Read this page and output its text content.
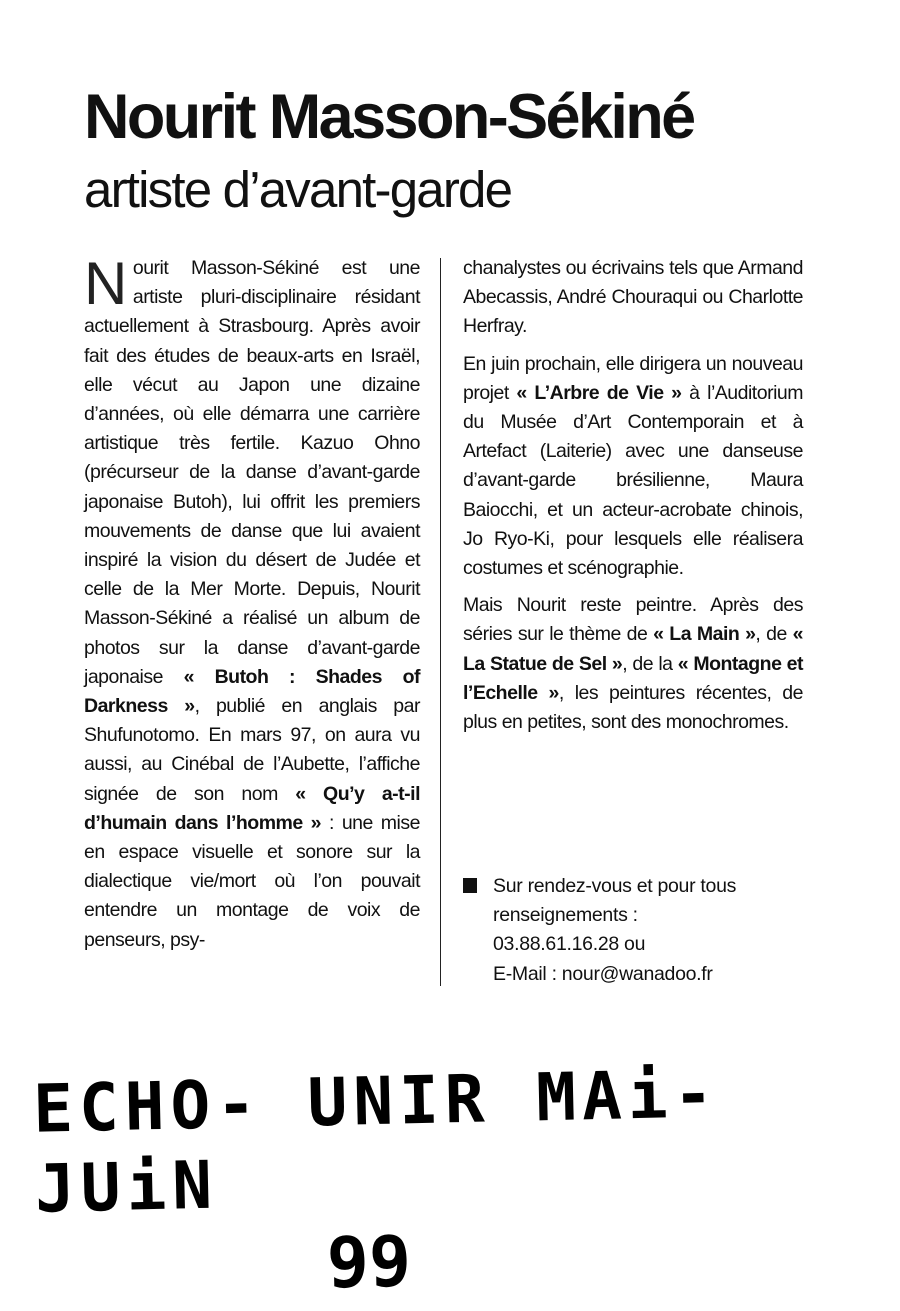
Nourit Masson-Sékiné
artiste d’avant-garde

Nourit Masson-Sékiné est une artiste pluri-disciplinaire résidant actuellement à Strasbourg. Après avoir fait des études de beaux-arts en Israël, elle vécut au Japon une dizaine d’années, où elle démarra une carrière artistique très fertile. Kazuo Ohno (précurseur de la danse d’avant-garde japonaise Butoh), lui offrit les premiers mouvements de danse que lui avaient inspiré la vision du désert de Judée et celle de la Mer Morte. Depuis, Nourit Masson-Sékiné a réalisé un album de photos sur la danse d’avant-garde japonaise « Butoh : Shades of Darkness », publié en anglais par Shufunotomo. En mars 97, on aura vu aussi, au Cinébal de l’Aubette, l’affiche signée de son nom « Qu’y a-t-il d’humain dans l’homme » : une mise en espace visuelle et sonore sur la dialectique vie/mort où l’on pouvait entendre un montage de voix de penseurs, psy-

chanalystes ou écrivains tels que Armand Abecassis, André Chouraqui ou Charlotte Herfray.

En juin prochain, elle dirigera un nouveau projet « L’Arbre de Vie » à l’Auditorium du Musée d’Art Contemporain et à Artefact (Laiterie) avec une danseuse d’avant-garde brésilienne, Maura Baiocchi, et un acteur-acrobate chinois, Jo Ryo-Ki, pour lesquels elle réalisera costumes et scénographie.

Mais Nourit reste peintre. Après des séries sur le thème de « La Main », de « La Statue de Sel », de la « Montagne et l’Echelle », les peintures récentes, de plus en petites, sont des monochromes.

Sur rendez-vous et pour tous
renseignements :
03.88.61.16.28 ou
E-Mail : nour@wanadoo.fr
ECHO- UNIR MAi-JUiN
99
